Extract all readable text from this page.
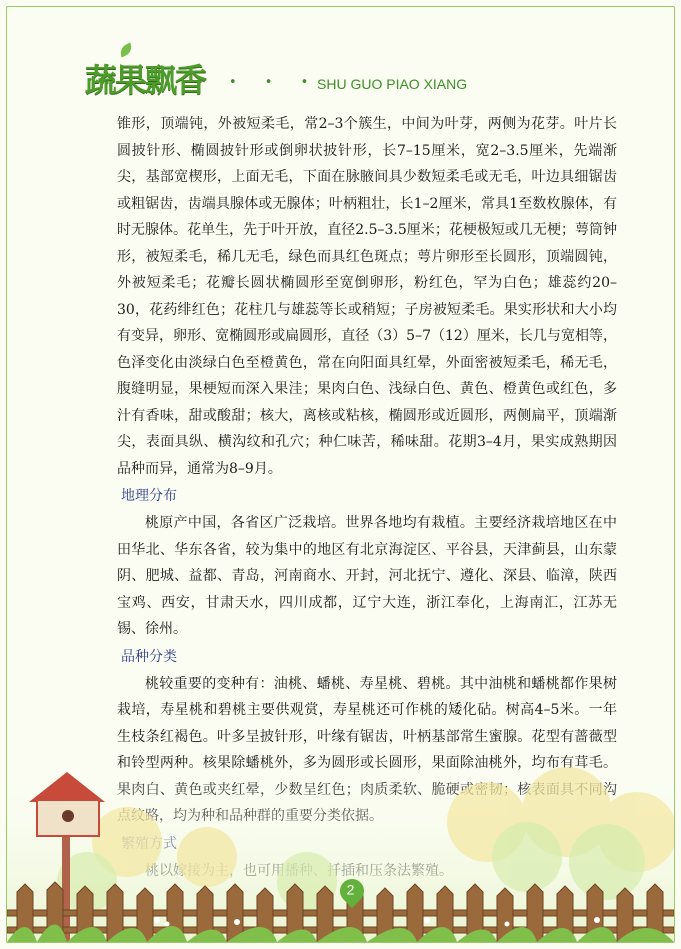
蔬果飘香 • • •
SHU GUO PIAO XIANG

锥形，顶端钝，外被短柔毛，常2–3个簇生，中间为叶芽，两侧为花芽。叶片长圆披针形、椭圆披针形或倒卵状披针形，长7–15厘米，宽2–3.5厘米，先端渐尖，基部宽楔形，上面无毛，下面在脉腋间具少数短柔毛或无毛，叶边具细锯齿或粗锯齿，齿端具腺体或无腺体；叶柄粗壮，长1–2厘米，常具1至数枚腺体，有时无腺体。花单生，先于叶开放，直径2.5–3.5厘米；花梗极短或几无梗；萼筒钟形，被短柔毛，稀几无毛，绿色而具红色斑点；萼片卵形至长圆形，顶端圆钝，外被短柔毛；花瓣长圆状椭圆形至宽倒卵形，粉红色，罕为白色；雄蕊约20–30，花药绯红色；花柱几与雄蕊等长或稍短；子房被短柔毛。果实形状和大小均有变异，卵形、宽椭圆形或扁圆形，直径（3）5–7（12）厘米，长几与宽相等，色泽变化由淡绿白色至橙黄色，常在向阳面具红晕，外面密被短柔毛，稀无毛，腹缝明显，果梗短而深入果洼；果肉白色、浅绿白色、黄色、橙黄色或红色，多汁有香味，甜或酸甜；核大，离核或粘核，椭圆形或近圆形，两侧扁平，顶端渐尖，表面具纵、横沟纹和孔穴；种仁味苦，稀味甜。花期3–4月，果实成熟期因品种而异，通常为8–9月。

地理分布

桃原产中国，各省区广泛栽培。世界各地均有栽植。主要经济栽培地区在中田华北、华东各省，较为集中的地区有北京海淀区、平谷县，天津蓟县，山东蒙阴、肥城、益都、青岛，河南商水、开封，河北抚宁、遵化、深县、临漳，陕西宝鸡、西安，甘肃天水，四川成都，辽宁大连，浙江奉化，上海南汇，江苏无锡、徐州。

品种分类

桃较重要的变种有：油桃、蟠桃、寿星桃、碧桃。其中油桃和蟠桃都作果树栽培，寿星桃和碧桃主要供观赏，寿星桃还可作桃的矮化砧。树高4–5米。一年生枝条红褐色。叶多呈披针形，叶缘有锯齿，叶柄基部常生蜜腺。花型有蔷薇型

2
